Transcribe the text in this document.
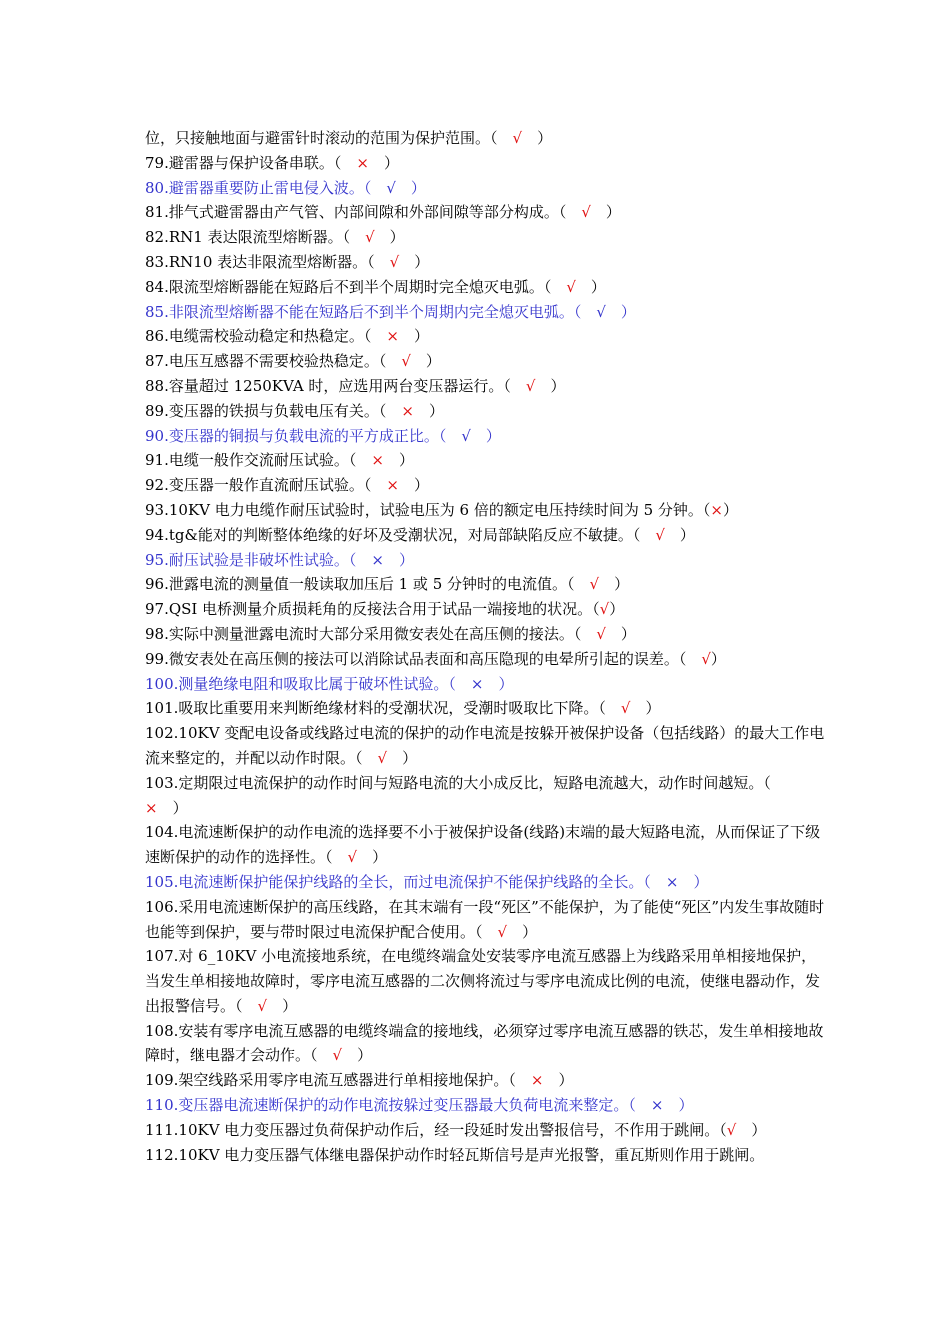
位，只接触地面与避雷针时滚动的范围为保护范围。（　√　）

79.避雷器与保护设备串联。（　×　）

80.避雷器重要防止雷电侵入波。（　√　）

81.排气式避雷器由产气管、内部间隙和外部间隙等部分构成。（　√　）

82.RN1 表达限流型熔断器。（　√　）

83.RN10 表达非限流型熔断器。（　√　）

84.限流型熔断器能在短路后不到半个周期时完全熄灭电弧。（　√　）

85.非限流型熔断器不能在短路后不到半个周期内完全熄灭电弧。（　√　）

86.电缆需校验动稳定和热稳定。（　×　）

87.电压互感器不需要校验热稳定。（　√　）

88.容量超过 1250KVA 时，应选用两台变压器运行。（　√　）

89.变压器的铁损与负载电压有关。（　×　）

90.变压器的铜损与负载电流的平方成正比。（　√　）

91.电缆一般作交流耐压试验。（　×　）

92.变压器一般作直流耐压试验。（　×　）

93.10KV 电力电缆作耐压试验时，试验电压为 6 倍的额定电压持续时间为 5 分钟。（×）

94.tg&能对的判断整体绝缘的好坏及受潮状况，对局部缺陷反应不敏捷。（　√　）

95.耐压试验是非破坏性试验。（　×　）

96.泄露电流的测量值一般读取加压后 1 或 5 分钟时的电流值。（　√　）

97.QSI 电桥测量介质损耗角的反接法合用于试品一端接地的状况。（√）

98.实际中测量泄露电流时大部分采用微安表处在高压侧的接法。（　√　）

99.微安表处在高压侧的接法可以消除试品表面和高压隐现的电晕所引起的误差。（　√）

100.测量绝缘电阻和吸取比属于破坏性试验。（　×　）

101.吸取比重要用来判断绝缘材料的受潮状况，受潮时吸取比下降。（　√　）

102.10KV 变配电设备或线路过电流的保护的动作电流是按躲开被保护设备（包括线路）的最大工作电流来整定的，并配以动作时限。（　√　）

103.定期限过电流保护的动作时间与短路电流的大小成反比，短路电流越大，动作时间越短。（　×　）

104.电流速断保护的动作电流的选择要不小于被保护设备(线路)末端的最大短路电流，从而保证了下级速断保护的动作的选择性。（　√　）

105.电流速断保护能保护线路的全长，而过电流保护不能保护线路的全长。（　×　）

106.采用电流速断保护的高压线路，在其末端有一段“死区”不能保护，为了能使“死区”内发生事故随时也能等到保护，要与带时限过电流保护配合使用。（　√　）

107.对 6_10KV 小电流接地系统，在电缆终端盒处安装零序电流互感器上为线路采用单相接地保护，当发生单相接地故障时，零序电流互感器的二次侧将流过与零序电流成比例的电流，使继电器动作，发出报警信号。（　√　）

108.安装有零序电流互感器的电缆终端盒的接地线，必须穿过零序电流互感器的铁芯，发生单相接地故障时，继电器才会动作。（　√　）

109.架空线路采用零序电流互感器进行单相接地保护。（　×　）

110.变压器电流速断保护的动作电流按躲过变压器最大负荷电流来整定。（　×　）

111.10KV 电力变压器过负荷保护动作后，经一段延时发出警报信号，不作用于跳闸。（√　）

112.10KV 电力变压器气体继电器保护动作时轻瓦斯信号是声光报警，重瓦斯则作用于跳闸。
